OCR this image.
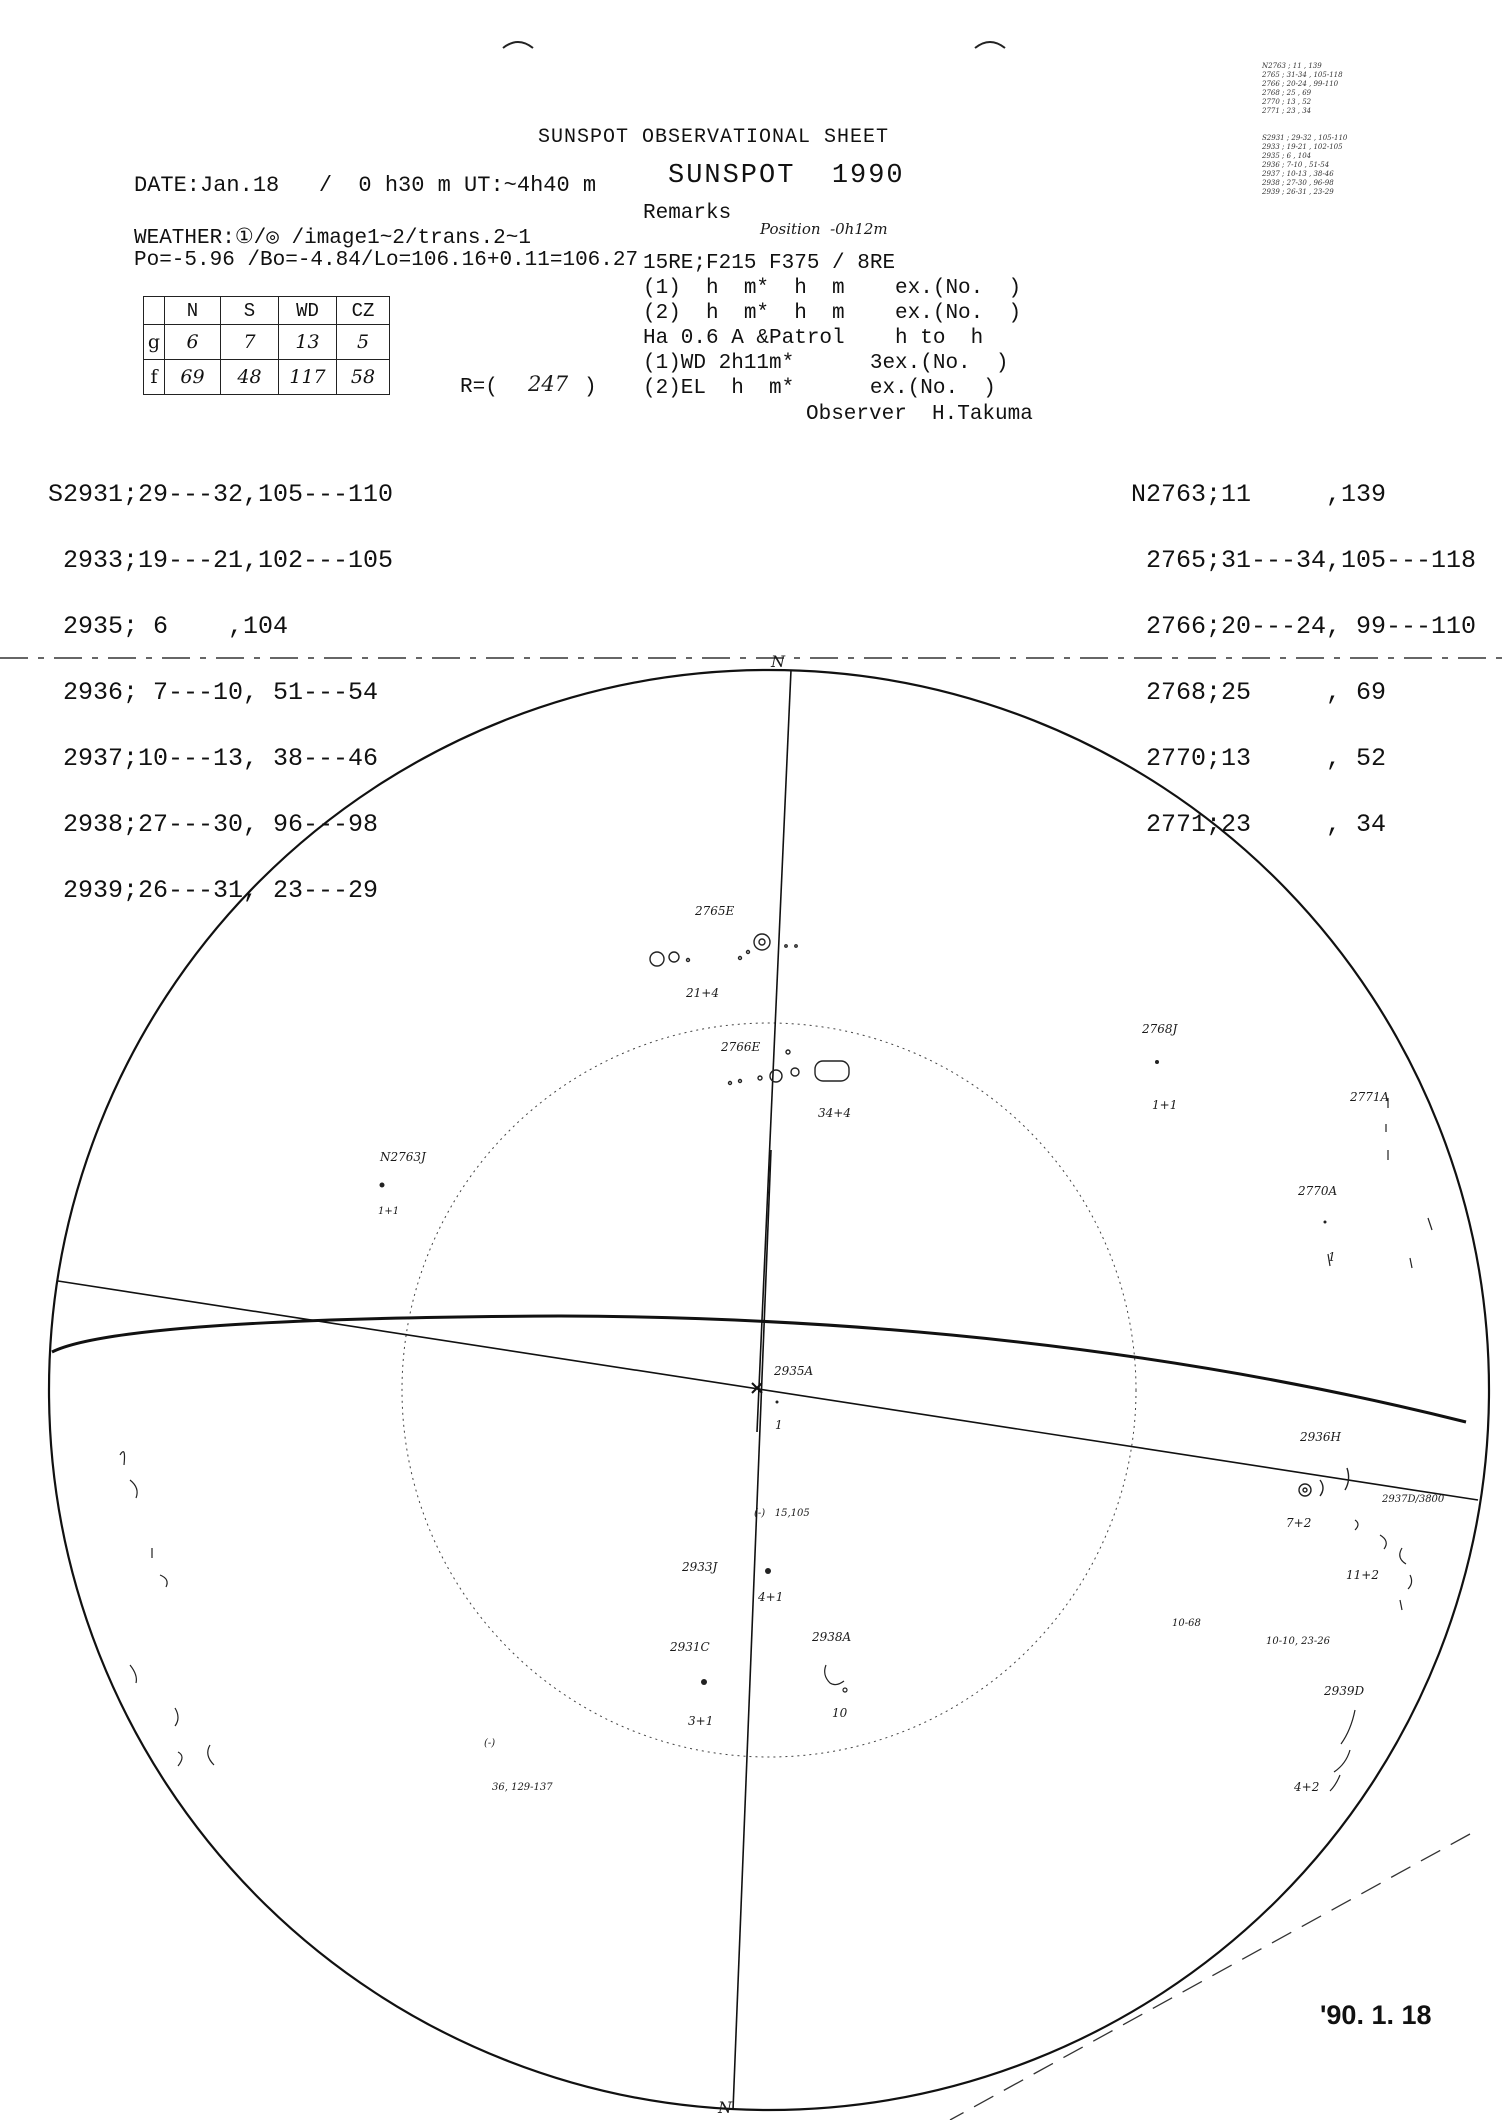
N2763 ; 11 , 139
2765 ; 31-34 , 105-118
2766 ; 20-24 , 99-110
2768 ; 25 , 69
2770 ; 13 , 52
2771 ; 23 , 34
S2931 ; 29-32 , 105-110
2933 ; 19-21 , 102-105
2935 ; 6 , 104
2936 ; 7-10 , 51-54
2937 ; 10-13 , 38-46
2938 ; 27-30 , 96-98
2939 ; 26-31 , 23-29
SUNSPOT OBSERVATIONAL SHEET
SUNSPOT  1990
DATE:Jan.18   /  0 h30 m UT:~4h40 m
WEATHER:①/◎ /image1~2/trans.2~1
Po=-5.96 /Bo=-4.84/Lo=106.16+0.11=106.27
	N	S	WD	CZ
g	6	7	13	5
f	69	48	117	58	R=( 247 )
Remarks
Position  -0h12m
15RE;F215 F375 / 8RE
(1)  h  m*  h  m    ex.(No.  )
(2)  h  m*  h  m    ex.(No.  )
Ha 0.6 A &Patrol    h to  h
(1)WD 2h11m*      3ex.(No.  )
(2)EL  h  m*      ex.(No.  )
Observer  H.Takuma

S2931;29---32,105---110

2933;19---21,102---105

2935; 6    ,104

2936; 7---10, 51---54

2937;10---13, 38---46

2938;27---30, 96---98

2939;26---31, 23---29

N2763;11     ,139

2765;31---34,105---118

2766;20---24, 99---110

2768;25     , 69

2770;13     , 52

2771;23     , 34

N
N
2765E
21+4
2766E
34+4
2768J
1+1
N2763J
1+1
2771A
2770A
1
2935A
1
2936H
7+2
2937D/3800
11+2
(-)   15,105
2933J
4+1
2931C
3+1
2938A
10
2939D
4+2
(-)
36, 129-137
10-68
10-10, 23-26
'90. 1. 18
